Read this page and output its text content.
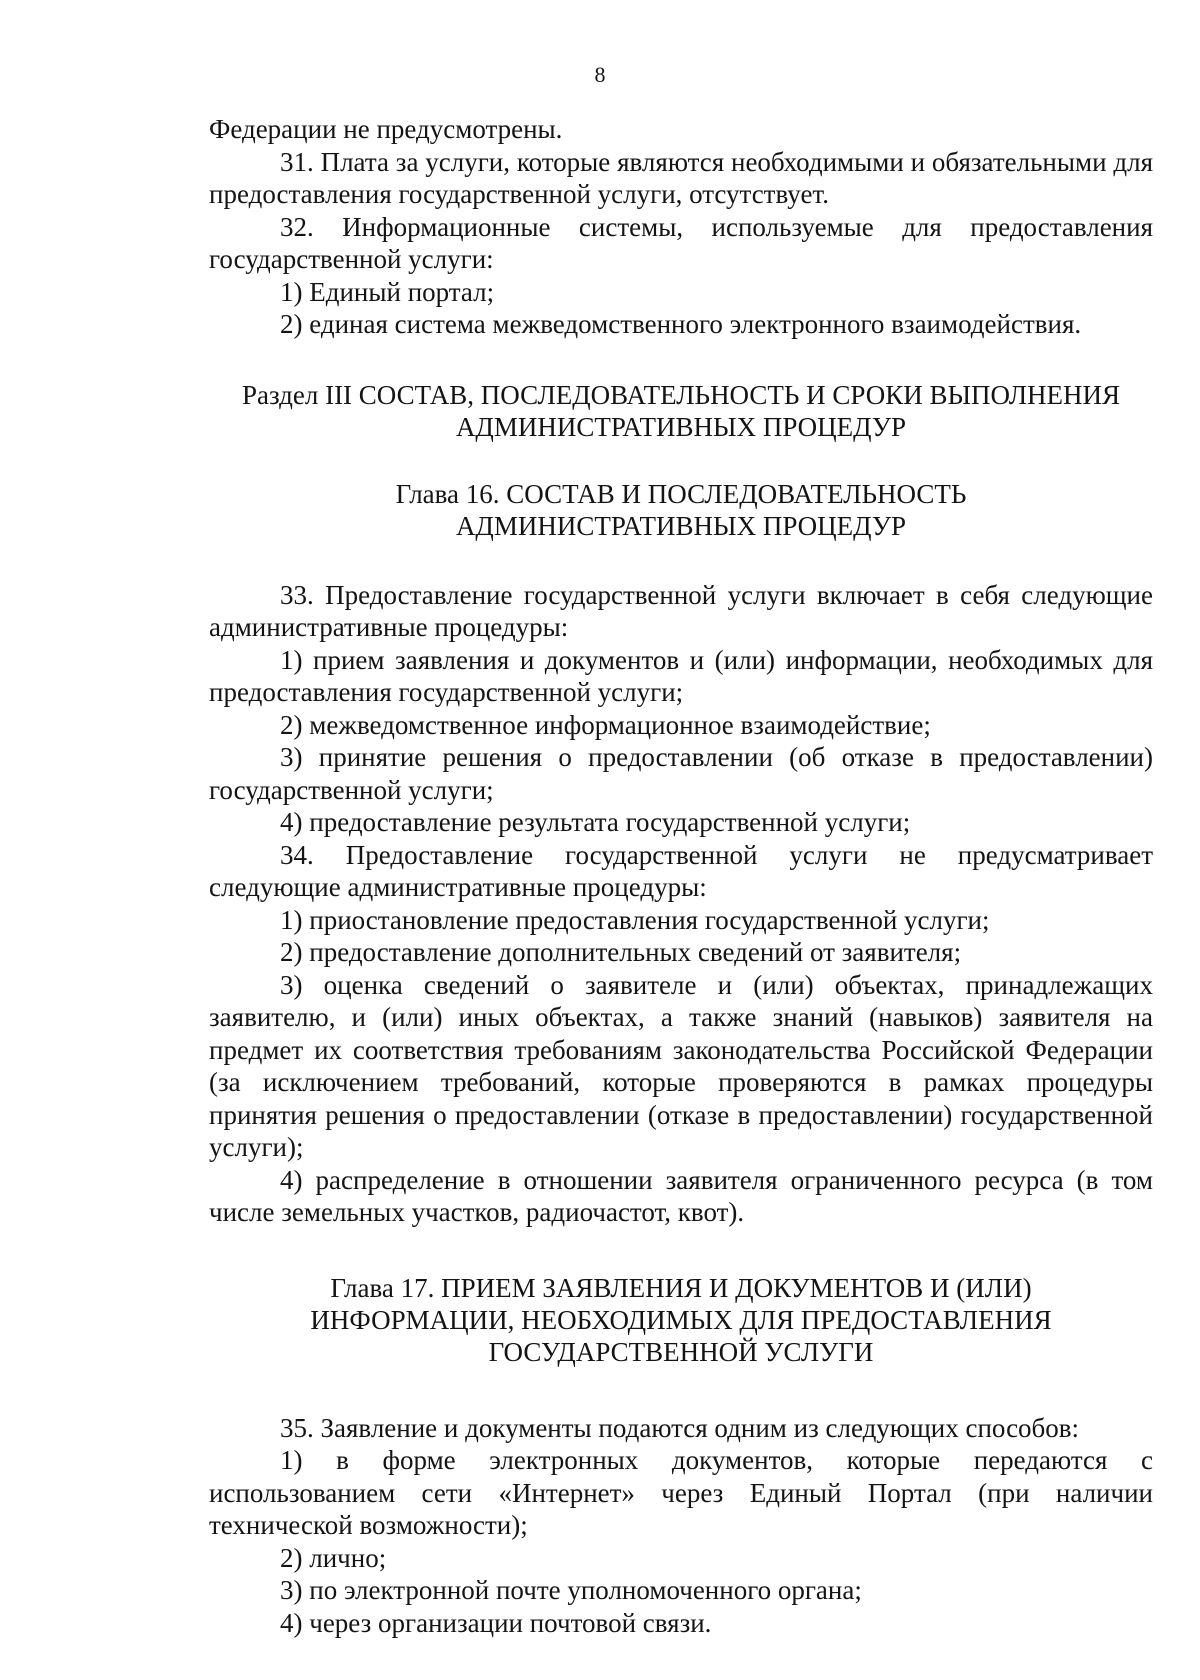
8

Федерации не предусмотрены.

31. Плата за услуги, которые являются необходимыми и обязательными для предоставления государственной услуги, отсутствует.

32. Информационные системы, используемые для предоставления государственной услуги:

1) Единый портал;

2) единая система межведомственного электронного взаимодействия.

Раздел III СОСТАВ, ПОСЛЕДОВАТЕЛЬНОСТЬ И СРОКИ ВЫПОЛНЕНИЯ
АДМИНИСТРАТИВНЫХ ПРОЦЕДУР
Глава 16. СОСТАВ И ПОСЛЕДОВАТЕЛЬНОСТЬ
АДМИНИСТРАТИВНЫХ ПРОЦЕДУР

33. Предоставление государственной услуги включает в себя следующие административные процедуры:

1) прием заявления и документов и (или) информации, необходимых для предоставления государственной услуги;

2) межведомственное информационное взаимодействие;

3) принятие решения о предоставлении (об отказе в предоставлении) государственной услуги;

4) предоставление результата государственной услуги;

34. Предоставление государственной услуги не предусматривает следующие административные процедуры:

1) приостановление предоставления государственной услуги;

2) предоставление дополнительных сведений от заявителя;

3) оценка сведений о заявителе и (или) объектах, принадлежащих заявителю, и (или) иных объектах, а также знаний (навыков) заявителя на предмет их соответствия требованиям законодательства Российской Федерации (за исключением требований, которые проверяются в рамках процедуры принятия решения о предоставлении (отказе в предоставлении) государственной услуги);

4) распределение в отношении заявителя ограниченного ресурса (в том числе земельных участков, радиочастот, квот).

Глава 17. ПРИЕМ ЗАЯВЛЕНИЯ И ДОКУМЕНТОВ И (ИЛИ)
ИНФОРМАЦИИ, НЕОБХОДИМЫХ ДЛЯ ПРЕДОСТАВЛЕНИЯ
ГОСУДАРСТВЕННОЙ УСЛУГИ

35. Заявление и документы подаются одним из следующих способов:

1) в форме электронных документов, которые передаются с использованием сети «Интернет» через Единый Портал (при наличии технической возможности);

2) лично;

3) по электронной почте уполномоченного органа;

4) через организации почтовой связи.
